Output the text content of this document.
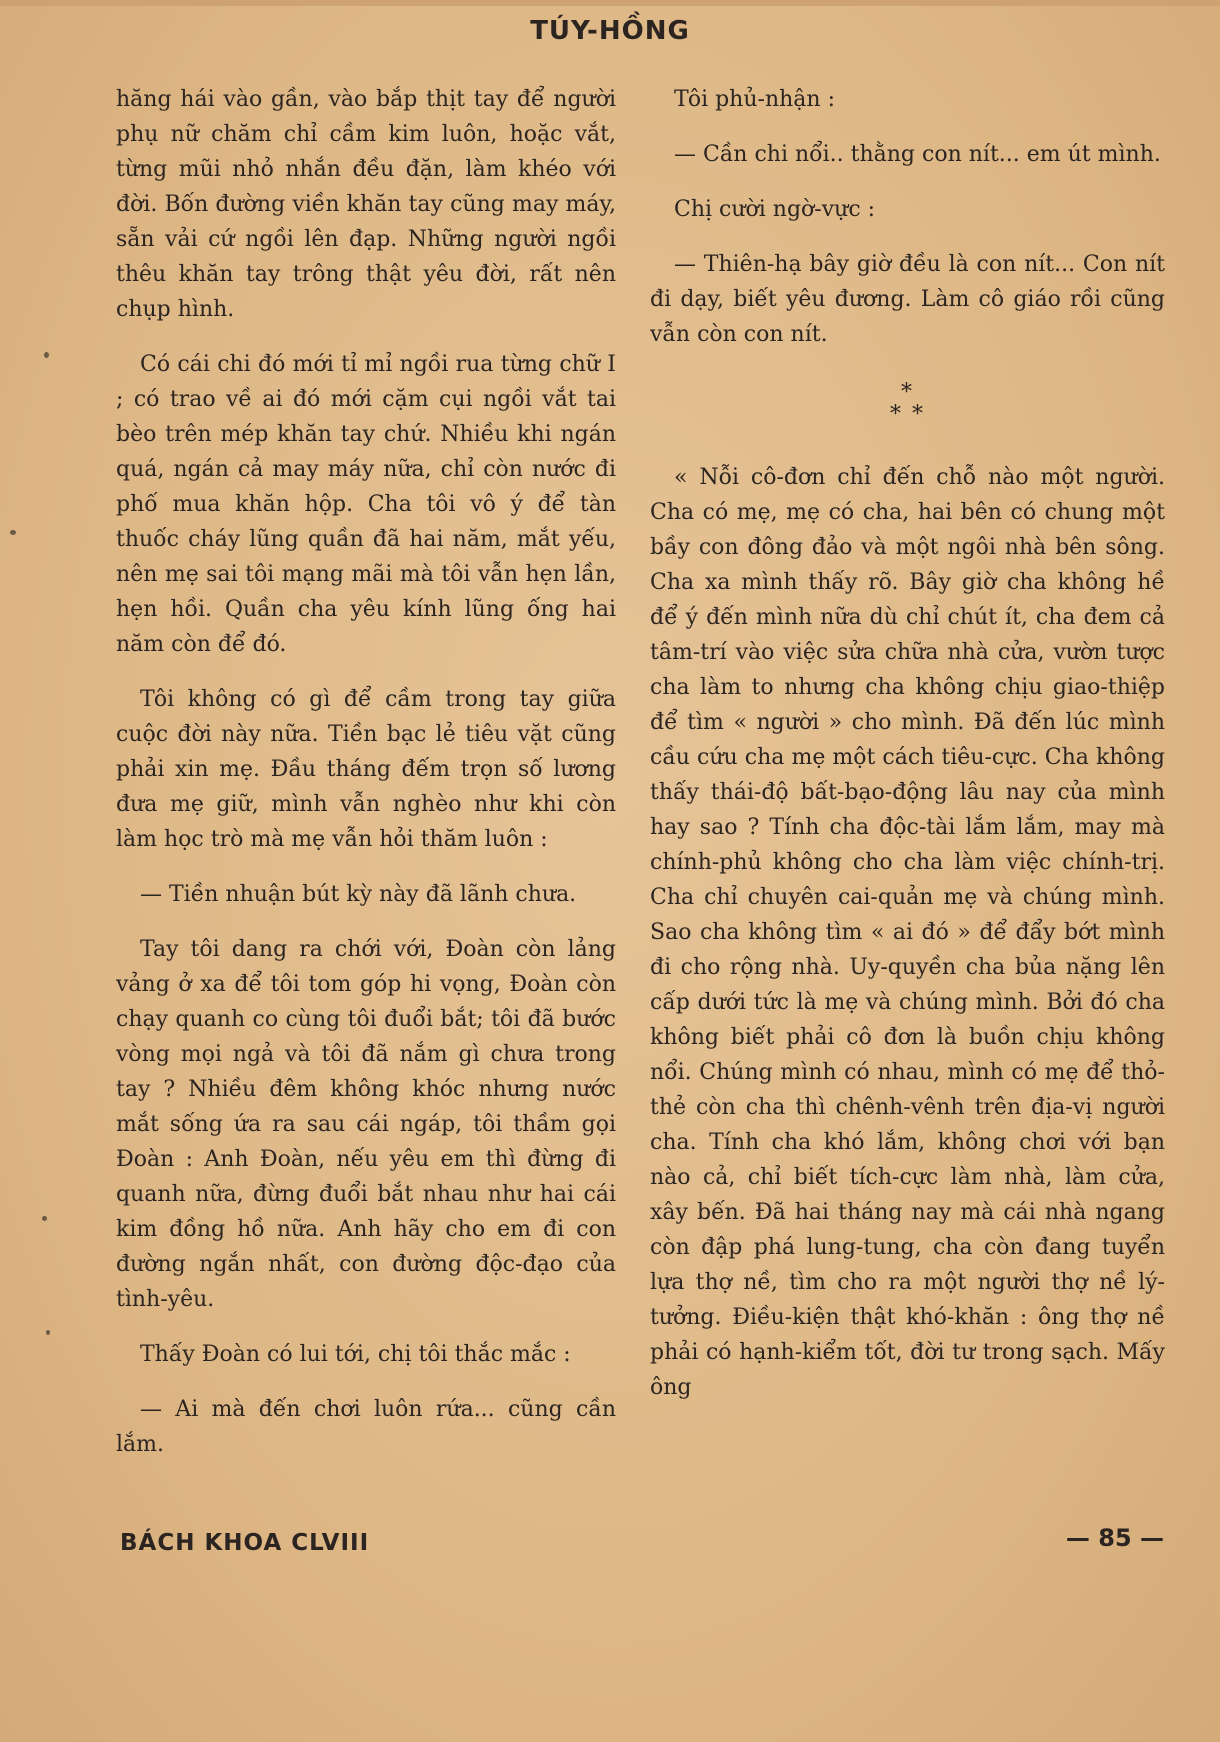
TÚY-HỒNG

hăng hái vào gần, vào bắp thịt tay để người phụ nữ chăm chỉ cầm kim luôn, hoặc vắt, từng mũi nhỏ nhắn đều đặn, làm khéo với đời. Bốn đường viền khăn tay cũng may máy, sẵn vải cứ ngồi lên đạp. Những người ngồi thêu khăn tay trông thật yêu đời, rất nên chụp hình.

Có cái chi đó mới tỉ mỉ ngồi rua từng chữ I ; có trao về ai đó mới cặm cụi ngồi vắt tai bèo trên mép khăn tay chứ. Nhiều khi ngán quá, ngán cả may máy nữa, chỉ còn nước đi phố mua khăn hộp. Cha tôi vô ý để tàn thuốc cháy lũng quần đã hai năm, mắt yếu, nên mẹ sai tôi mạng mãi mà tôi vẫn hẹn lần, hẹn hồi. Quần cha yêu kính lũng ống hai năm còn để đó.

Tôi không có gì để cầm trong tay giữa cuộc đời này nữa. Tiền bạc lẻ tiêu vặt cũng phải xin mẹ. Đầu tháng đếm trọn số lương đưa mẹ giữ, mình vẫn nghèo như khi còn làm học trò mà mẹ vẫn hỏi thăm luôn :

— Tiền nhuận bút kỳ này đã lãnh chưa.

Tay tôi dang ra chới với, Đoàn còn lảng vảng ở xa để tôi tom góp hi vọng, Đoàn còn chạy quanh co cùng tôi đuổi bắt; tôi đã bước vòng mọi ngả và tôi đã nắm gì chưa trong tay ? Nhiều đêm không khóc nhưng nước mắt sống ứa ra sau cái ngáp, tôi thầm gọi Đoàn : Anh Đoàn, nếu yêu em thì đừng đi quanh nữa, đừng đuổi bắt nhau như hai cái kim đồng hồ nữa. Anh hãy cho em đi con đường ngắn nhất, con đường độc-đạo của tình-yêu.

Thấy Đoàn có lui tới, chị tôi thắc mắc :

— Ai mà đến chơi luôn rứa... cũng cần lắm.

Tôi phủ-nhận :

— Cần chi nổi.. thằng con nít... em út mình.

Chị cười ngờ-vực :

— Thiên-hạ bây giờ đều là con nít... Con nít đi dạy, biết yêu đương. Làm cô giáo rồi cũng vẫn còn con nít.

*
* *

« Nỗi cô-đơn chỉ đến chỗ nào một người. Cha có mẹ, mẹ có cha, hai bên có chung một bầy con đông đảo và một ngôi nhà bên sông. Cha xa mình thấy rõ. Bây giờ cha không hề để ý đến mình nữa dù chỉ chút ít, cha đem cả tâm-trí vào việc sửa chữa nhà cửa, vườn tược cha làm to nhưng cha không chịu giao-thiệp để tìm « người » cho mình. Đã đến lúc mình cầu cứu cha mẹ một cách tiêu-cực. Cha không thấy thái-độ bất-bạo-động lâu nay của mình hay sao ? Tính cha độc-tài lắm lắm, may mà chính-phủ không cho cha làm việc chính-trị. Cha chỉ chuyên cai-quản mẹ và chúng mình. Sao cha không tìm « ai đó » để đẩy bớt mình đi cho rộng nhà. Uy-quyền cha bủa nặng lên cấp dưới tức là mẹ và chúng mình. Bởi đó cha không biết phải cô đơn là buồn chịu không nổi. Chúng mình có nhau, mình có mẹ để thỏ-thẻ còn cha thì chênh-vênh trên địa-vị người cha. Tính cha khó lắm, không chơi với bạn nào cả, chỉ biết tích-cực làm nhà, làm cửa, xây bến. Đã hai tháng nay mà cái nhà ngang còn đập phá lung-tung, cha còn đang tuyển lựa thợ nề, tìm cho ra một người thợ nề lý-tưởng. Điều-kiện thật khó-khăn : ông thợ nề phải có hạnh-kiểm tốt, đời tư trong sạch. Mấy ông

BÁCH KHOA CLVIII	— 85 —
